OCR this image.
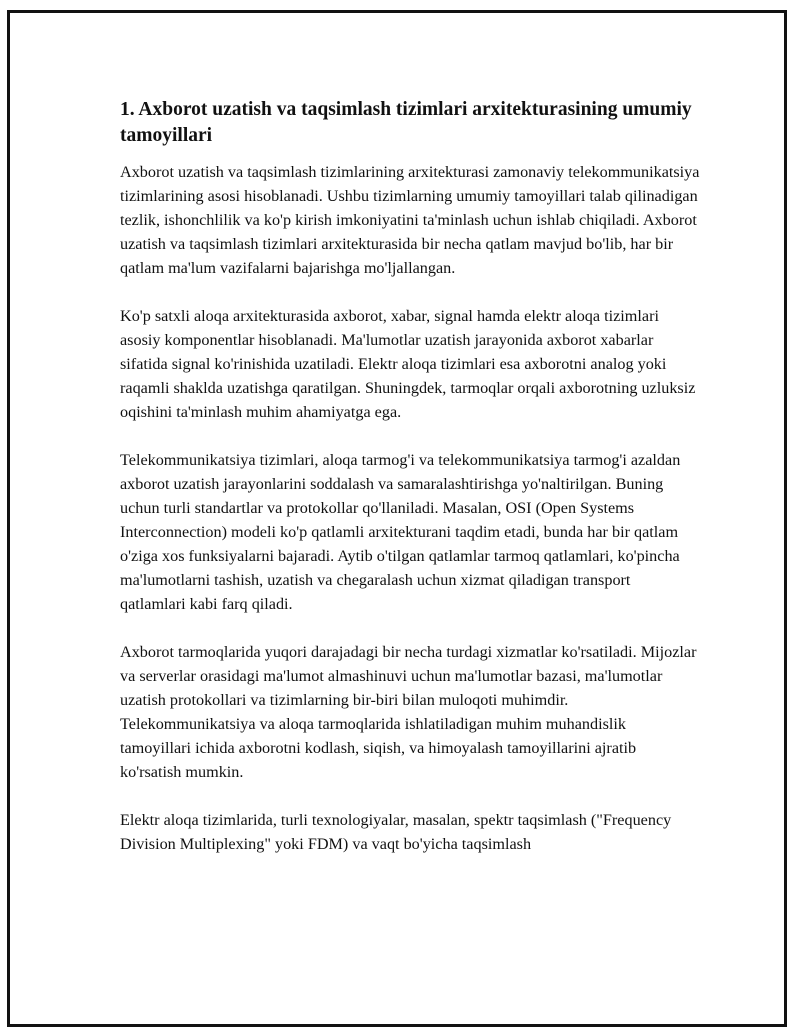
1. Axborot uzatish va taqsimlash tizimlari arxitekturasining umumiy tamoyillari

Axborot uzatish va taqsimlash tizimlarining arxitekturasi zamonaviy telekommunikatsiya tizimlarining asosi hisoblanadi. Ushbu tizimlarning umumiy tamoyillari talab qilinadigan tezlik, ishonchlilik va ko'p kirish imkoniyatini ta'minlash uchun ishlab chiqiladi. Axborot uzatish va taqsimlash tizimlari arxitekturasida bir necha qatlam mavjud bo'lib, har bir qatlam ma'lum vazifalarni bajarishga mo'ljallangan.

Ko'p satxli aloqa arxitekturasida axborot, xabar, signal hamda elektr aloqa tizimlari asosiy komponentlar hisoblanadi. Ma'lumotlar uzatish jarayonida axborot xabarlar sifatida signal ko'rinishida uzatiladi. Elektr aloqa tizimlari esa axborotni analog yoki raqamli shaklda uzatishga qaratilgan. Shuningdek, tarmoqlar orqali axborotning uzluksiz oqishini ta'minlash muhim ahamiyatga ega.

Telekommunikatsiya tizimlari, aloqa tarmog'i va telekommunikatsiya tarmog'i azaldan axborot uzatish jarayonlarini soddalash va samaralashtirishga yo'naltirilgan. Buning uchun turli standartlar va protokollar qo'llaniladi. Masalan, OSI (Open Systems Interconnection) modeli ko'p qatlamli arxitekturani taqdim etadi, bunda har bir qatlam o'ziga xos funksiyalarni bajaradi. Aytib o'tilgan qatlamlar tarmoq qatlamlari, ko'pincha ma'lumotlarni tashish, uzatish va chegaralash uchun xizmat qiladigan transport qatlamlari kabi farq qiladi.

Axborot tarmoqlarida yuqori darajadagi bir necha turdagi xizmatlar ko'rsatiladi. Mijozlar va serverlar orasidagi ma'lumot almashinuvi uchun ma'lumotlar bazasi, ma'lumotlar uzatish protokollari va tizimlarning bir-biri bilan muloqoti muhimdir. Telekommunikatsiya va aloqa tarmoqlarida ishlatiladigan muhim muhandislik tamoyillari ichida axborotni kodlash, siqish, va himoyalash tamoyillarini ajratib ko'rsatish mumkin.

Elektr aloqa tizimlarida, turli texnologiyalar, masalan, spektr taqsimlash ("Frequency Division Multiplexing" yoki FDM) va vaqt bo'yicha taqsimlash
